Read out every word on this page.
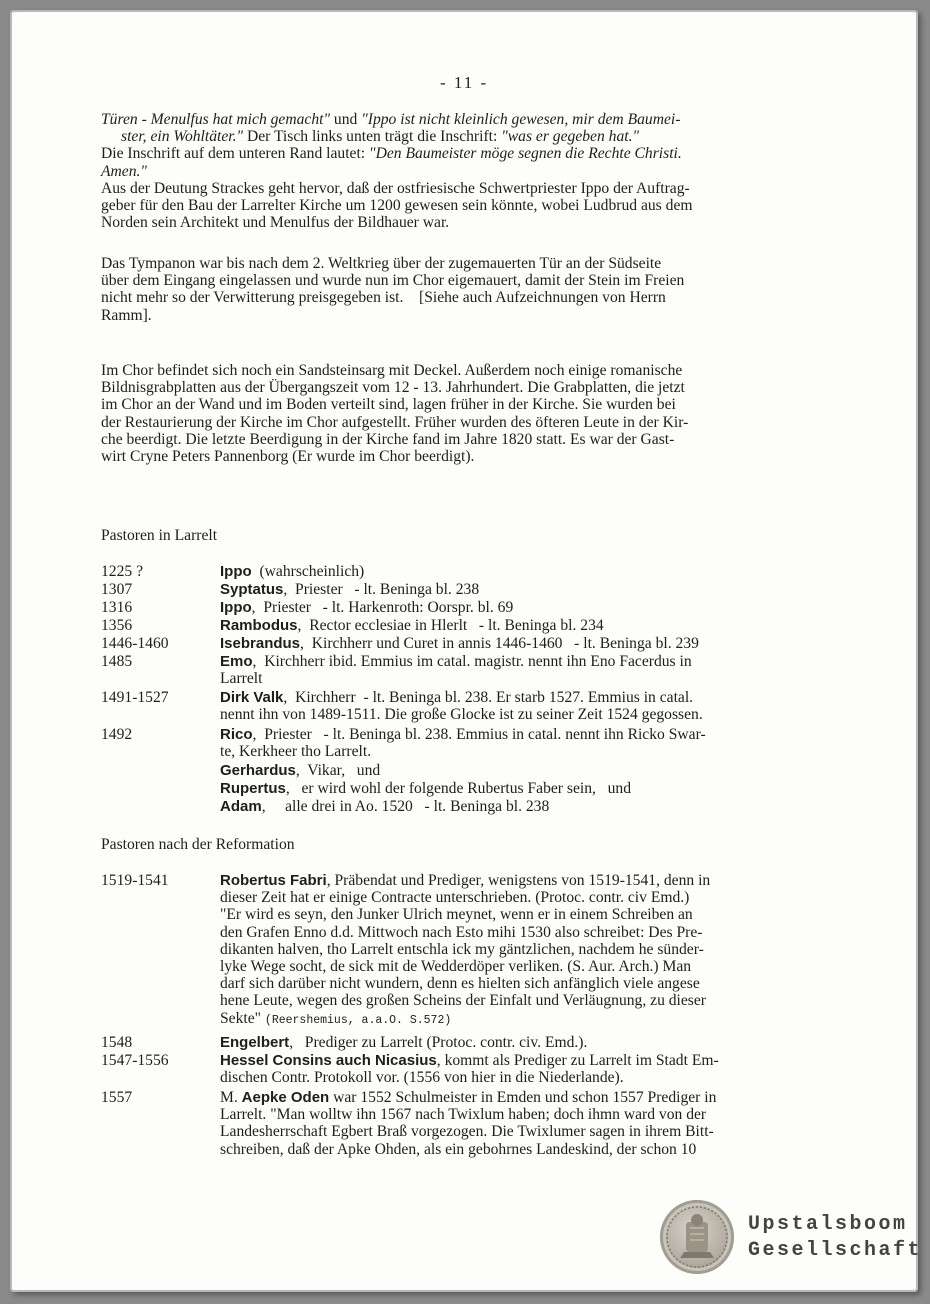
- 11 -

Türen - Menulfus hat mich gemacht" und "Ippo ist nicht kleinlich gewesen, mir dem Baumei-

ster, ein Wohltäter." Der Tisch links unten trägt die Inschrift: "was er gegeben hat."

Die Inschrift auf dem unteren Rand lautet: "Den Baumeister möge segnen die Rechte Christi.

Amen."

Aus der Deutung Strackes geht hervor, daß der ostfriesische Schwertpriester Ippo der Auftrag-

geber für den Bau der Larrelter Kirche um 1200 gewesen sein könnte, wobei Ludbrud aus dem

Norden sein Architekt und Menulfus der Bildhauer war.

Das Tympanon war bis nach dem 2. Weltkrieg über der zugemauerten Tür an der Südseite

über dem Eingang eingelassen und wurde nun im Chor eigemauert, damit der Stein im Freien

nicht mehr so der Verwitterung preisgegeben ist.    [Siehe auch Aufzeichnungen von Herrn

Ramm].

Im Chor befindet sich noch ein Sandsteinsarg mit Deckel. Außerdem noch einige romanische

Bildnisgrabplatten aus der Übergangszeit vom 12 - 13. Jahrhundert. Die Grabplatten, die jetzt

im Chor an der Wand und im Boden verteilt sind, lagen früher in der Kirche. Sie wurden bei

der Restaurierung der Kirche im Chor aufgestellt. Früher wurden des öfteren Leute in der Kir-

che beerdigt. Die letzte Beerdigung in der Kirche fand im Jahre 1820 statt. Es war der Gast-

wirt Cryne Peters Pannenborg (Er wurde im Chor beerdigt).

Pastoren in Larrelt
1225 ?	Ippo  (wahrscheinlich)
1307	Syptatus,  Priester   - lt. Beninga bl. 238
1316	Ippo,  Priester   - lt. Harkenroth: Oorspr. bl. 69
1356	Rambodus,  Rector ecclesiae in Hlerlt   - lt. Beninga bl. 234
1446-1460	Isebrandus,  Kirchherr und Curet in annis 1446-1460   - lt. Beninga bl. 239
1485	Emo,  Kirchherr ibid. Emmius im catal. magistr. nennt ihn Eno Facerdus in
Larrelt
1491-1527	Dirk Valk,  Kirchherr  - lt. Beninga bl. 238. Er starb 1527. Emmius in catal.
nennt ihn von 1489-1511. Die große Glocke ist zu seiner Zeit 1524 gegossen.
1492	Rico,  Priester   - lt. Beninga bl. 238. Emmius in catal. nennt ihn Ricko Swar-
te, Kerkheer tho Larrelt.
Gerhardus,  Vikar,   und
Rupertus,   er wird wohl der folgende Rubertus Faber sein,   und
Adam,     alle drei in Ao. 1520   - lt. Beninga bl. 238
Pastoren nach der Reformation
1519-1541	Robertus Fabri, Präbendat und Prediger, wenigstens von 1519-1541, denn in
dieser Zeit hat er einige Contracte unterschrieben. (Protoc. contr. civ Emd.)
"Er wird es seyn, den Junker Ulrich meynet, wenn er in einem Schreiben an
den Grafen Enno d.d. Mittwoch nach Esto mihi 1530 also schreibet: Des Pre-
dikanten halven, tho Larrelt entschla ick my gäntzlichen, nachdem he sünder-
lyke Wege socht, de sick mit de Wedderdöper verliken. (S. Aur. Arch.) Man
darf sich darüber nicht wundern, denn es hielten sich anfänglich viele angese
hene Leute, wegen des großen Scheins der Einfalt und Verläugnung, zu dieser
Sekte" (Reershemius, a.a.O. S.572)
1548	Engelbert,   Prediger zu Larrelt (Protoc. contr. civ. Emd.).
1547-1556	Hessel Consins auch Nicasius, kommt als Prediger zu Larrelt im Stadt Em-
dischen Contr. Protokoll vor. (1556 von hier in die Niederlande).
1557	M. Aepke Oden war 1552 Schulmeister in Emden und schon 1557 Prediger in
Larrelt. "Man wolltw ihn 1567 nach Twixlum haben; doch ihmn ward von der
Landesherrschaft Egbert Braß vorgezogen. Die Twixlumer sagen in ihrem Bitt-
schreiben, daß der Apke Ohden, als ein gebohrnes Landeskind, der schon 10
Upstalsboom
Gesellschaft
